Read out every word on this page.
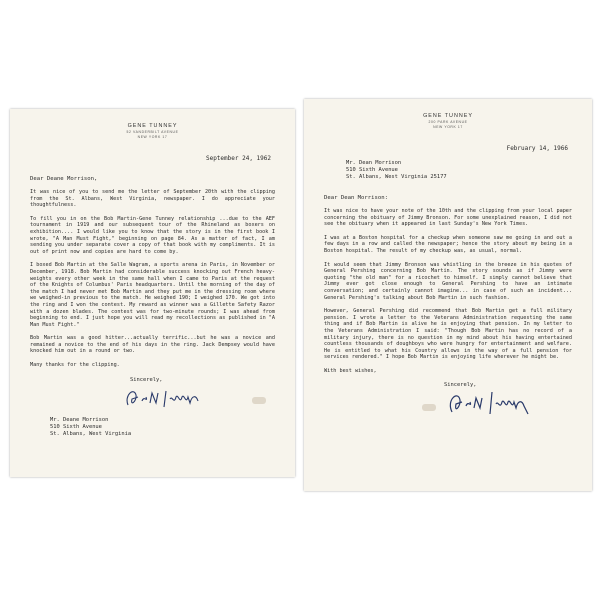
GENE TUNNEY
52 VANDERBILT AVENUE
NEW YORK 17
September 24, 1962
Dear Deane Morrison,

It was nice of you to send me the letter of September 20th with the clipping from the St. Albans, West Virginia, newspaper. I do appreciate your thoughtfulness.

To fill you in on the Bob Martin-Gene Tunney relationship ...due to the AEF tournament in 1919 and our subsequent tour of the Rhineland as boxers on exhibition.... I would like you to know that the story is in the first book I wrote, "A Man Must Fight," beginning on page 84. As a matter of fact, I am sending you under separate cover a copy of that book with my compliments. It is out of print now and copies are hard to come by.

I boxed Bob Martin at the Salle Wagram, a sports arena in Paris, in November or December, 1918. Bob Martin had considerable success knocking out French heavy-weights every other week in the same hall when I came to Paris at the request of the Knights of Columbus' Paris headquarters. Until the morning of the day of the match I had never met Bob Martin and they put me in the dressing room where we weighed-in previous to the match. He weighed 190; I weighed 170. We got into the ring and I won the contest. My reward as winner was a Gillette Safety Razor with a dozen blades. The contest was for two-minute rounds; I was ahead from beginning to end. I just hope you will read my recollections as published in "A Man Must Fight."

Bob Martin was a good hitter...actually terrific...but he was a novice and remained a novice to the end of his days in the ring. Jack Dempsey would have knocked him out in a round or two.

Many thanks for the clipping.

Sincerely,
Mr. Deane Morrison
510 Sixth Avenue
St. Albans, West Virginia
GENE TUNNEY
200 PARK AVENUE
NEW YORK 17
February 14, 1966
Mr. Dean Morrison
510 Sixth Avenue
St. Albans, West Virginia 25177
Dear Dean Morrison:

It was nice to have your note of the 10th and the clipping from your local paper concerning the obituary of Jimmy Bronson. For some unexplained reason, I did not see the obituary when it appeared in last Sunday's New York Times.

I was at a Boston hospital for a checkup when someone saw me going in and out a few days in a row and called the newspaper; hence the story about my being in a Boston hospital. The result of my checkup was, as usual, normal.

It would seem that Jimmy Bronson was whistling in the breeze in his quotes of General Pershing concerning Bob Martin. The story sounds as if Jimmy were quoting "the old man" for a ricochet to himself. I simply cannot believe that Jimmy ever got close enough to General Pershing to have an intimate conversation; and certainly cannot imagine... in case of such an incident... General Pershing's talking about Bob Martin in such fashion.

However, General Pershing did recommend that Bob Martin get a full military pension. I wrote a letter to the Veterans Administration requesting the same thing and if Bob Martin is alive he is enjoying that pension. In my letter to the Veterans Administration I said: "Though Bob Martin has no record of a military injury, there is no question in my mind about his having entertained countless thousands of doughboys who were hungry for entertainment and welfare. He is entitled to what his Country allows in the way of a full pension for services rendered." I hope Bob Martin is enjoying life wherever he might be.

With best wishes,

Sincerely,
